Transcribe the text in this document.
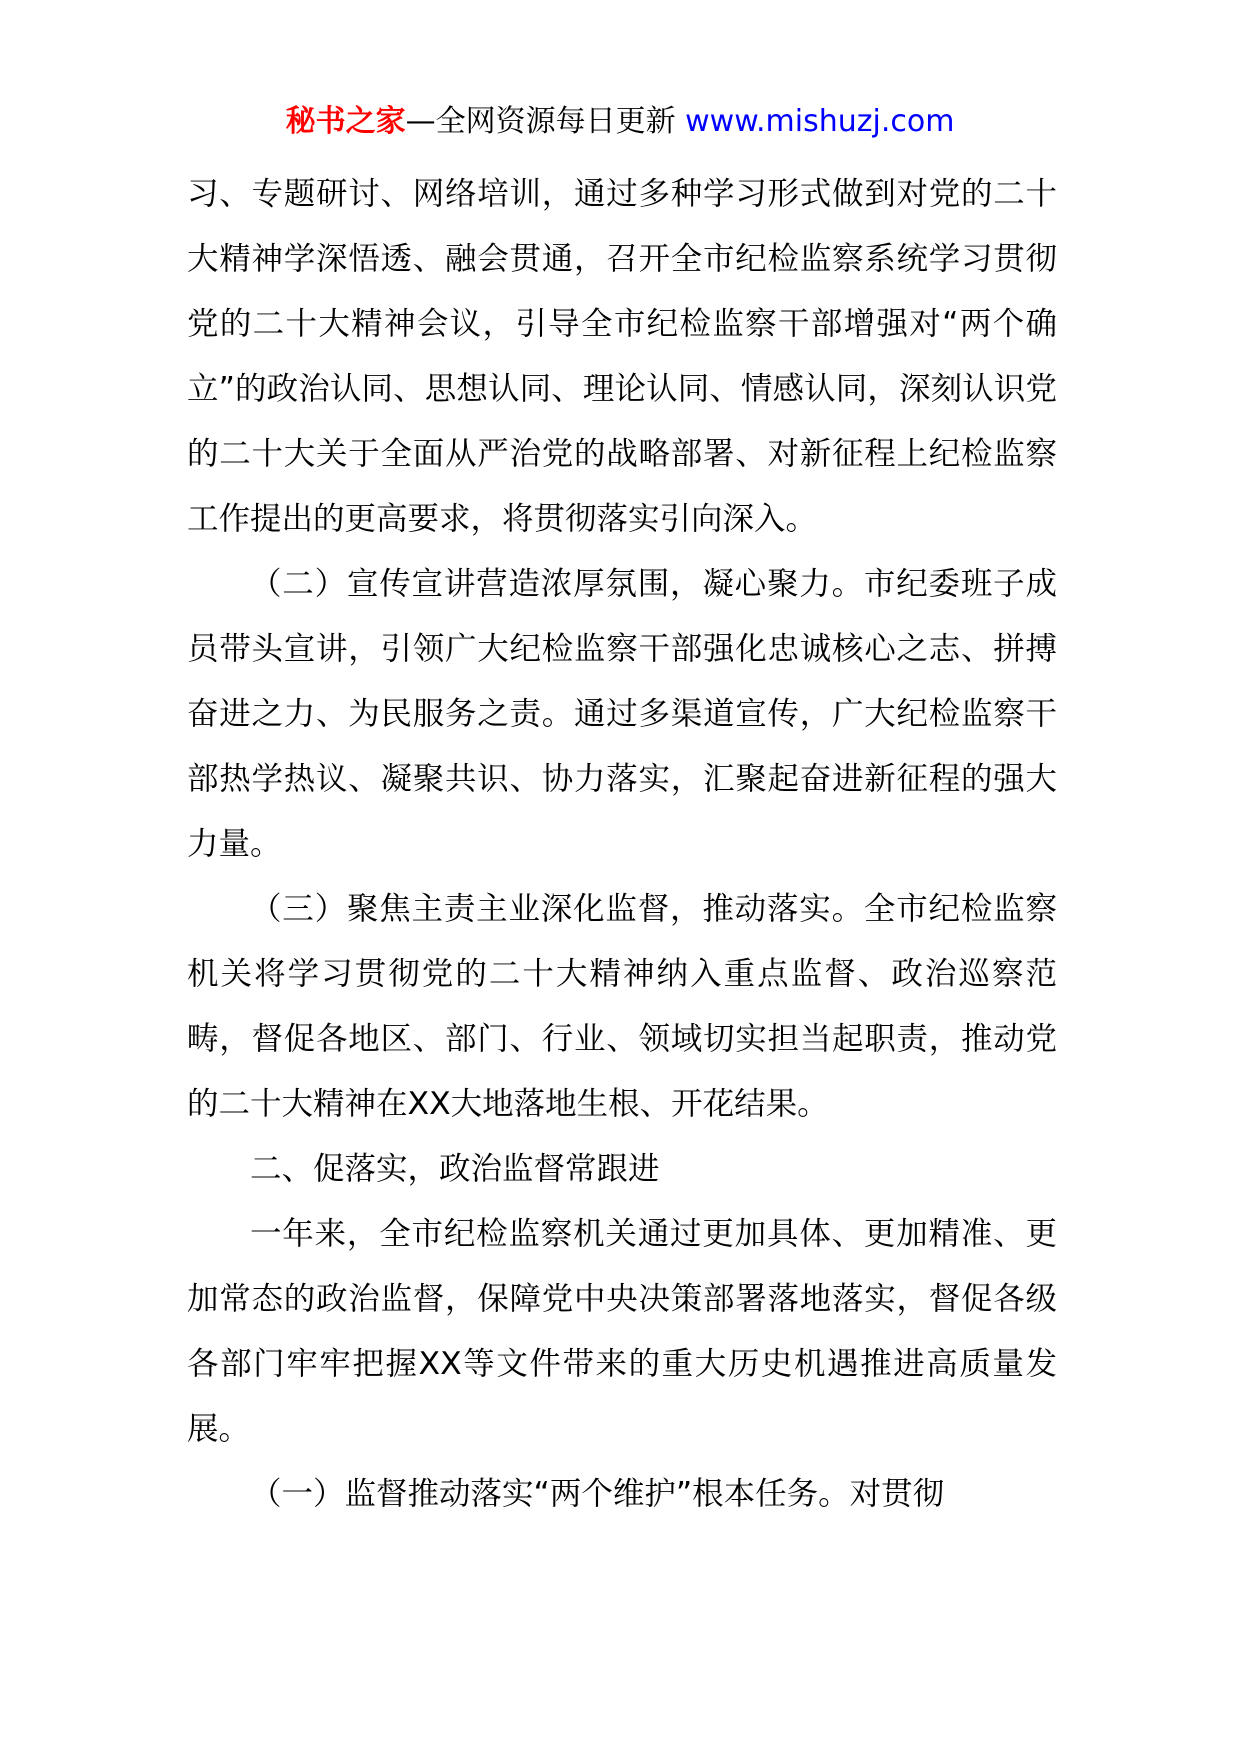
秘书之家—全网资源每日更新 www.mishuzj.com

习、专题研讨、网络培训，通过多种学习形式做到对党的二十大精神学深悟透、融会贯通，召开全市纪检监察系统学习贯彻党的二十大精神会议，引导全市纪检监察干部增强对“两个确立”的政治认同、思想认同、理论认同、情感认同，深刻认识党的二十大关于全面从严治党的战略部署、对新征程上纪检监察工作提出的更高要求，将贯彻落实引向深入。

（二）宣传宣讲营造浓厚氛围，凝心聚力。市纪委班子成员带头宣讲，引领广大纪检监察干部强化忠诚核心之志、拼搏奋进之力、为民服务之责。通过多渠道宣传，广大纪检监察干部热学热议、凝聚共识、协力落实，汇聚起奋进新征程的强大力量。

（三）聚焦主责主业深化监督，推动落实。全市纪检监察机关将学习贯彻党的二十大精神纳入重点监督、政治巡察范畴，督促各地区、部门、行业、领域切实担当起职责，推动党的二十大精神在XX大地落地生根、开花结果。

二、促落实，政治监督常跟进

一年来，全市纪检监察机关通过更加具体、更加精准、更加常态的政治监督，保障党中央决策部署落地落实，督促各级各部门牢牢把握XX等文件带来的重大历史机遇推进高质量发展。

（一）监督推动落实“两个维护”根本任务。对贯彻
